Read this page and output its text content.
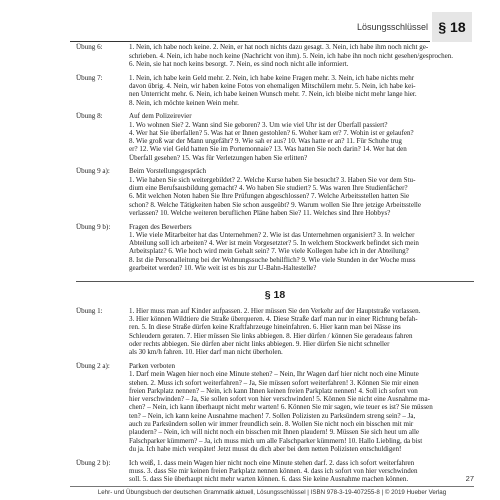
Lösungsschlüssel § 18
Übung 6:	1. Nein, ich habe noch keine. 2. Nein, er hat noch nichts dazu gesagt. 3. Nein, ich habe ihm noch nicht ge-
schrieben. 4. Nein, ich habe noch keine (Nachricht von ihm). 5. Nein, ich habe ihn noch nicht gesehen/gesprochen.
6. Nein, sie hat noch keins besorgt. 7. Nein, es sind noch nicht alle informiert.
Übung 7:	1. Nein, ich habe kein Geld mehr. 2. Nein, ich habe keine Fragen mehr. 3. Nein, ich habe nichts mehr
davon übrig. 4. Nein, wir haben keine Fotos von ehemaligen Mitschülern mehr. 5. Nein, ich habe kei-
nen Unterricht mehr. 6. Nein, ich habe keinen Wunsch mehr. 7. Nein, ich bleibe nicht mehr lange hier.
8. Nein, ich möchte keinen Wein mehr.
Übung 8:	Auf dem Polizeirevier
1. Wo wohnen Sie? 2. Wann sind Sie geboren? 3. Um wie viel Uhr ist der Überfall passiert?
4. Wer hat Sie überfallen? 5. Was hat er Ihnen gestohlen? 6. Woher kam er? 7. Wohin ist er gelaufen?
8. Wie groß war der Mann ungefähr? 9. Wie sah er aus? 10. Was hatte er an? 11. Für Schuhe trug
er? 12. Wie viel Geld hatten Sie im Portemonnaie? 13. Was hatten Sie noch darin? 14. Wer hat den
Überfall gesehen? 15. Was für Verletzungen haben Sie erlitten?
Übung 9 a):	Beim Vorstellungsgespräch
1. Wie haben Sie sich weitergebildet? 2. Welche Kurse haben Sie besucht? 3. Haben Sie vor dem Stu-
dium eine Berufsausbildung gemacht? 4. Wo haben Sie studiert? 5. Was waren Ihre Studienfächer?
6. Mit welchen Noten haben Sie Ihre Prüfungen abgeschlossen? 7. Welche Arbeitsstellen hatten Sie
schon? 8. Welche Tätigkeiten haben Sie schon ausgeübt? 9. Warum wollen Sie Ihre jetzige Arbeitsstelle
verlassen? 10. Welche weiteren beruflichen Pläne haben Sie? 11. Welches sind Ihre Hobbys?
Übung 9 b):	Fragen des Bewerbers
1. Wie viele Mitarbeiter hat das Unternehmen? 2. Wie ist das Unternehmen organisiert? 3. In welcher
Abteilung soll ich arbeiten? 4. Wer ist mein Vorgesetzter? 5. In welchem Stockwerk befindet sich mein
Arbeitsplatz? 6. Wie hoch wird mein Gehalt sein? 7. Wie viele Kollegen habe ich in der Abteilung?
8. Ist die Personalleitung bei der Wohnungssuche behilflich? 9. Wie viele Stunden in der Woche muss
gearbeitet werden? 10. Wie weit ist es bis zur U-Bahn-Haltestelle?
§ 18
Übung 1:	1. Hier muss man auf Kinder aufpassen. 2. Hier müssen Sie den Verkehr auf der Hauptstraße vorlassen.
3. Hier können Wildtiere die Straße überqueren. 4. Diese Straße darf man nur in einer Richtung befah-
ren. 5. In diese Straße dürfen keine Kraftfahrzeuge hineinfahren. 6. Hier kann man bei Nässe ins
Schleudern geraten. 7. Hier müssen Sie links abbiegen. 8. Hier dürfen / können Sie geradeaus fahren
oder rechts abbiegen. Sie dürfen aber nicht links abbiegen. 9. Hier dürfen Sie nicht schneller
als 30 km/h fahren. 10. Hier darf man nicht überholen.
Übung 2 a):	Parken verboten
1. Darf mein Wagen hier noch eine Minute stehen? – Nein, Ihr Wagen darf hier nicht noch eine Minute
stehen. 2. Muss ich sofort weiterfahren? – Ja, Sie müssen sofort weiterfahren! 3. Können Sie mir einen
freien Parkplatz nennen? – Nein, ich kann Ihnen keinen freien Parkplatz nennen! 4. Soll ich sofort von
hier verschwinden? – Ja, Sie sollen sofort von hier verschwinden! 5. Können Sie nicht eine Ausnahme ma-
chen? – Nein, ich kann überhaupt nicht mehr warten! 6. Können Sie mir sagen, wie teuer es ist? Sie müssen
ten? – Nein, ich kann keine Ausnahme machen! 7. Sollen Polizisten zu Parksündern streng sein? – Ja,
auch zu Parksündern sollen wir immer freundlich sein. 8. Wollen Sie nicht noch ein bisschen mit mir
plaudern? – Nein, ich will nicht noch ein bisschen mit Ihnen plaudern! 9. Müssen Sie sich heut um alle
Falschparker kümmern? – Ja, ich muss mich um alle Falschparker kümmern! 10. Hallo Liebling, da bist
du ja. Ich habe mich verspätet! Jetzt musst du dich aber bei dem netten Polizisten entschuldigen!
Übung 2 b):	Ich weiß, 1. dass mein Wagen hier nicht noch eine Minute stehen darf. 2. dass ich sofort weiterfahren
muss. 3. dass Sie mir keinen freien Parkplatz nennen können. 4. dass ich sofort von hier verschwinden
soll. 5. dass Sie überhaupt nicht mehr warten können. 6. dass Sie keine Ausnahme machen können.	27
Lehr- und Übungsbuch der deutschen Grammatik aktuell, Lösungsschlüssel | ISBN 978-3-19-407255-8 | © 2019 Hueber Verlag
